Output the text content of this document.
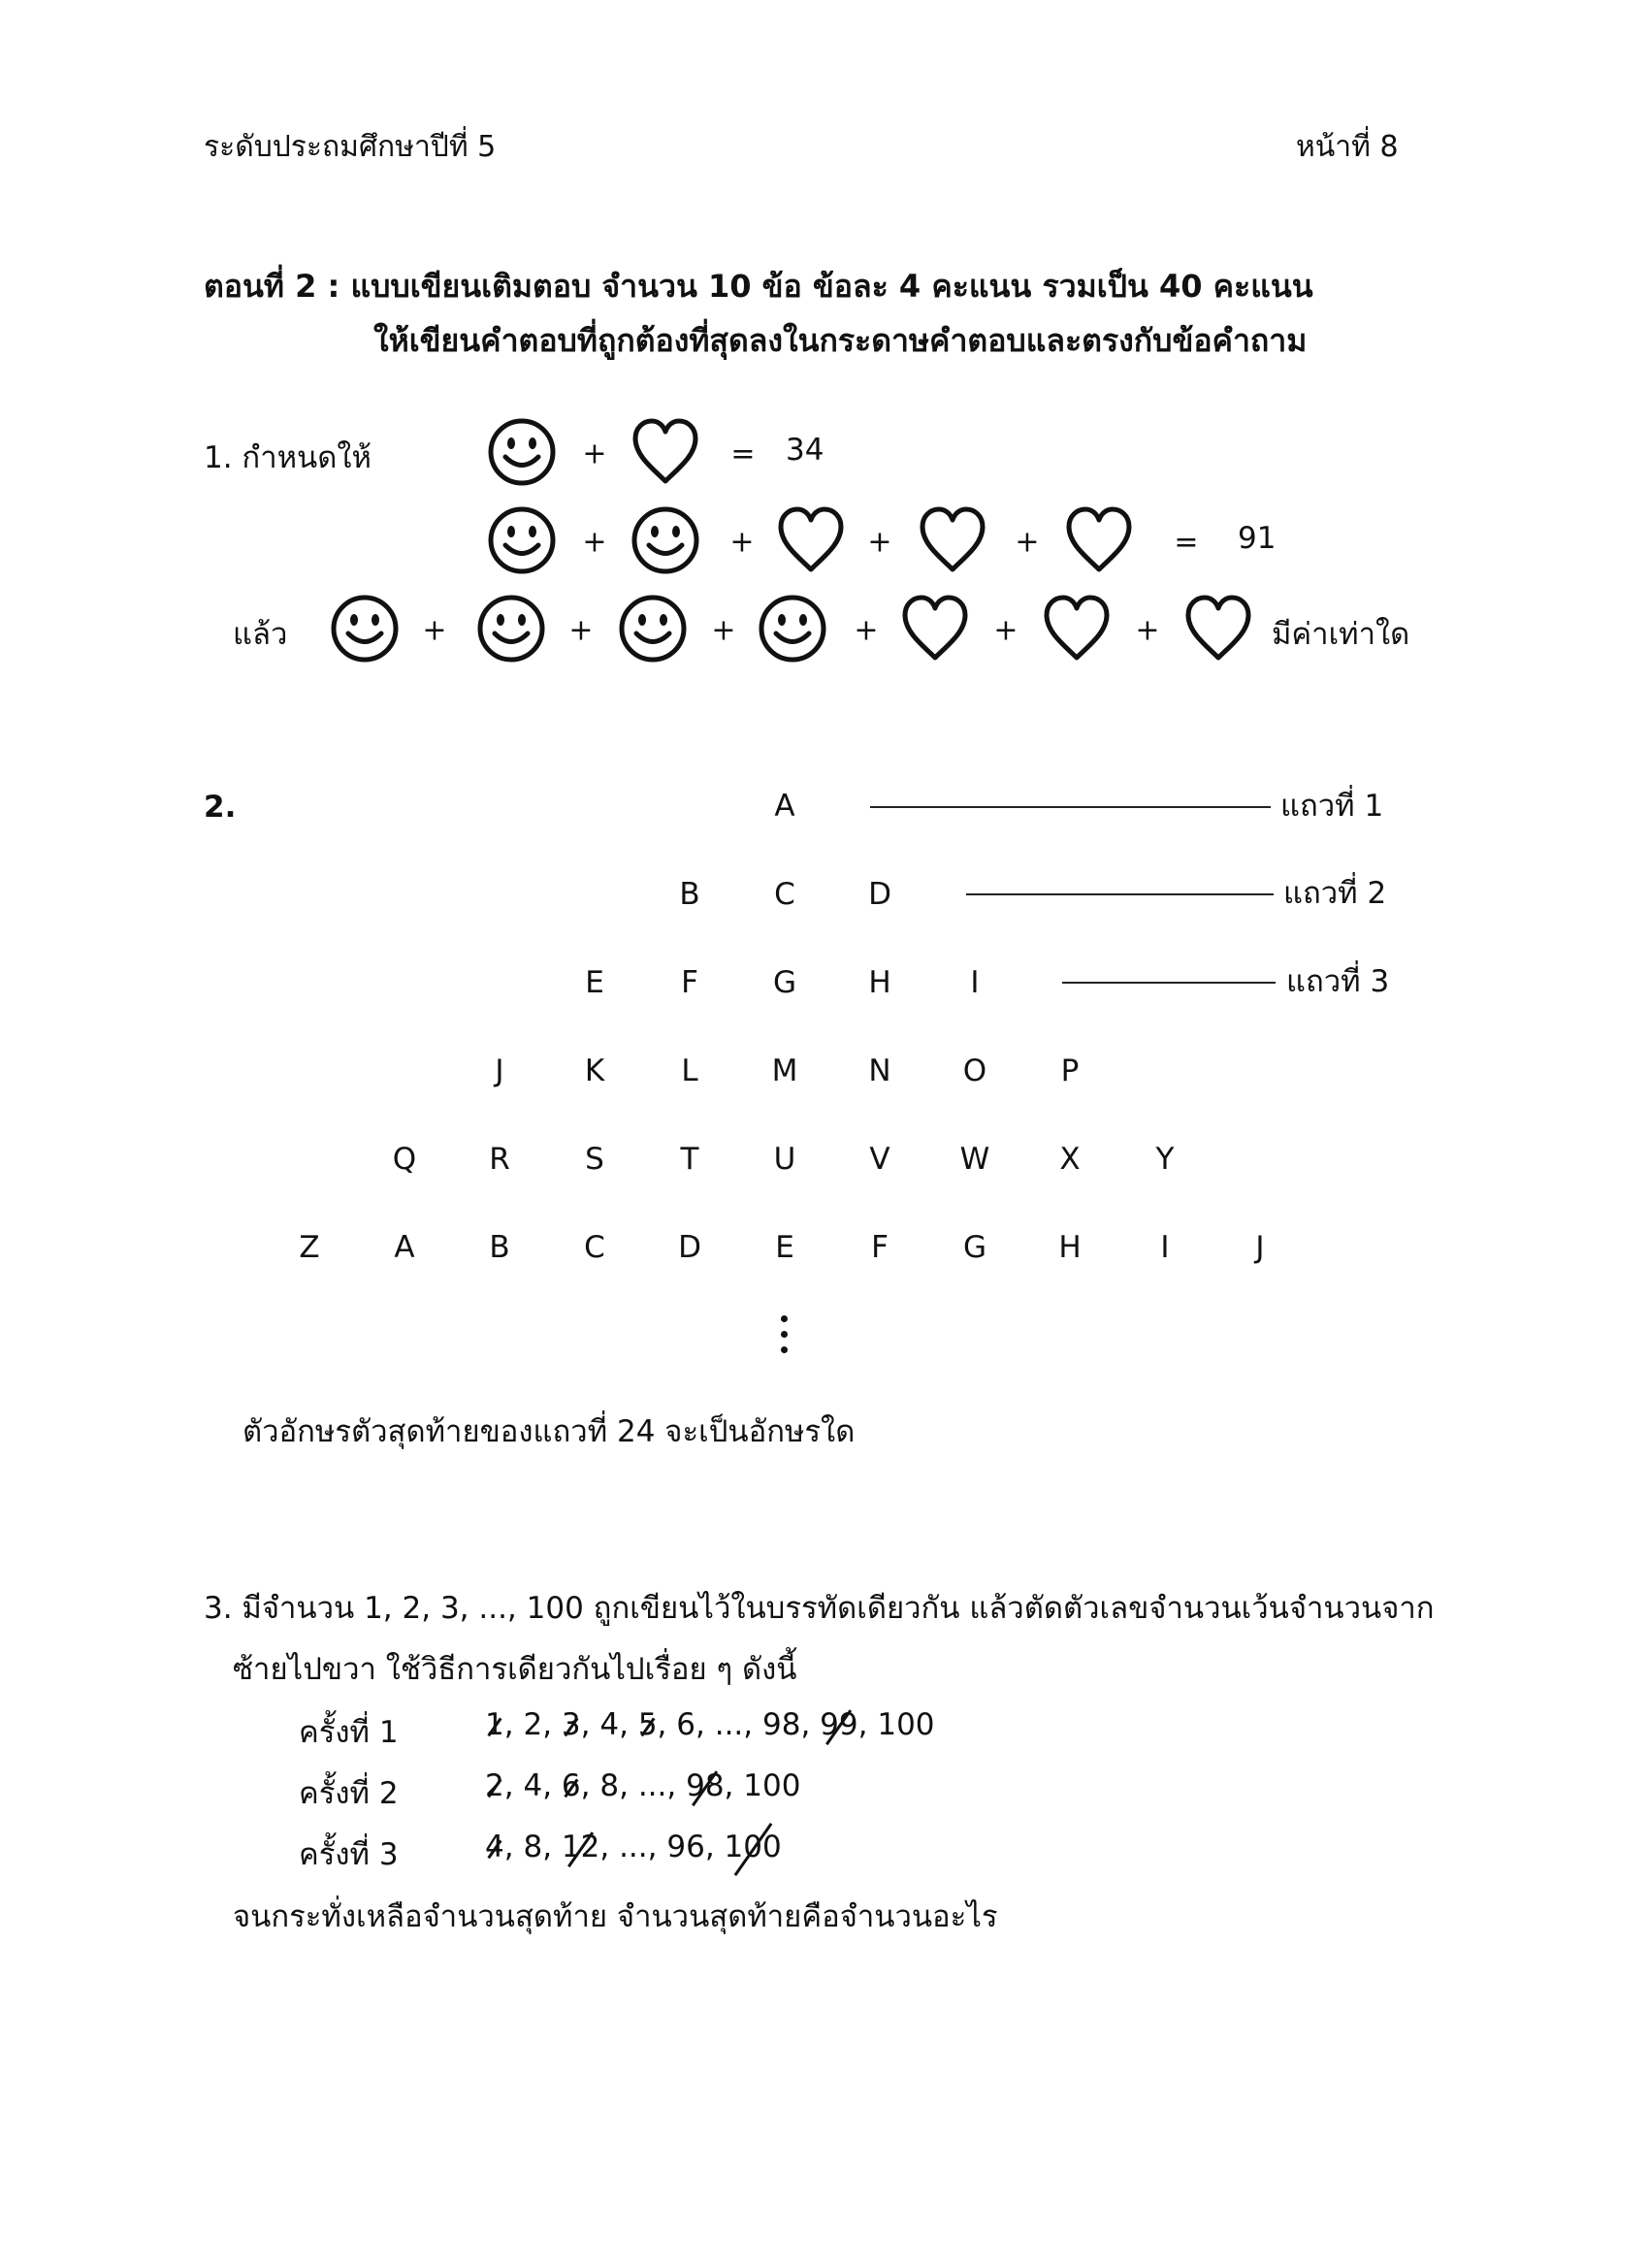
ระดับประถมศึกษาปีที่ 5	หน้าที่ 8
ตอนที่ 2 : แบบเขียนเติมตอบ จำนวน 10 ข้อ ข้อละ 4 คะแนน รวมเป็น 40 คะแนน
ให้เขียนคำตอบที่ถูกต้องที่สุดลงในกระดาษคำตอบและตรงกับข้อคำถาม
1. กำหนดให้	+	=
+	+	+	+	=
+	+	+	+	+	+
34
91
แล้ว	มีค่าเท่าใด
2.	A
B C D
E	F G H	I
J	K	L M N O P
Q R S	T U V W X	Y
Z A B C D E	F G H	I	J
แถวที่ 1
แถวที่ 2
แถวที่ 3
ตัวอักษรตัวสุดท้ายของแถวที่ 24 จะเป็นอักษรใด
3. มีจำนวน 1, 2, 3, ..., 100 ถูกเขียนไว้ในบรรทัดเดียวกัน แล้วตัดตัวเลขจำนวนเว้นจำนวนจาก
ซ้ายไปขวา ใช้วิธีการเดียวกันไปเรื่อย ๆ ดังนี้
ครั้งที่ 1	1, 2, 3, 4, 5, 6, ..., 98, 99, 100
ครั้งที่ 2	2, 4, 6, 8, ..., 98, 100
ครั้งที่ 3	4, 8, 12, ..., 96, 100
จนกระทั่งเหลือจำนวนสุดท้าย จำนวนสุดท้ายคือจำนวนอะไร
